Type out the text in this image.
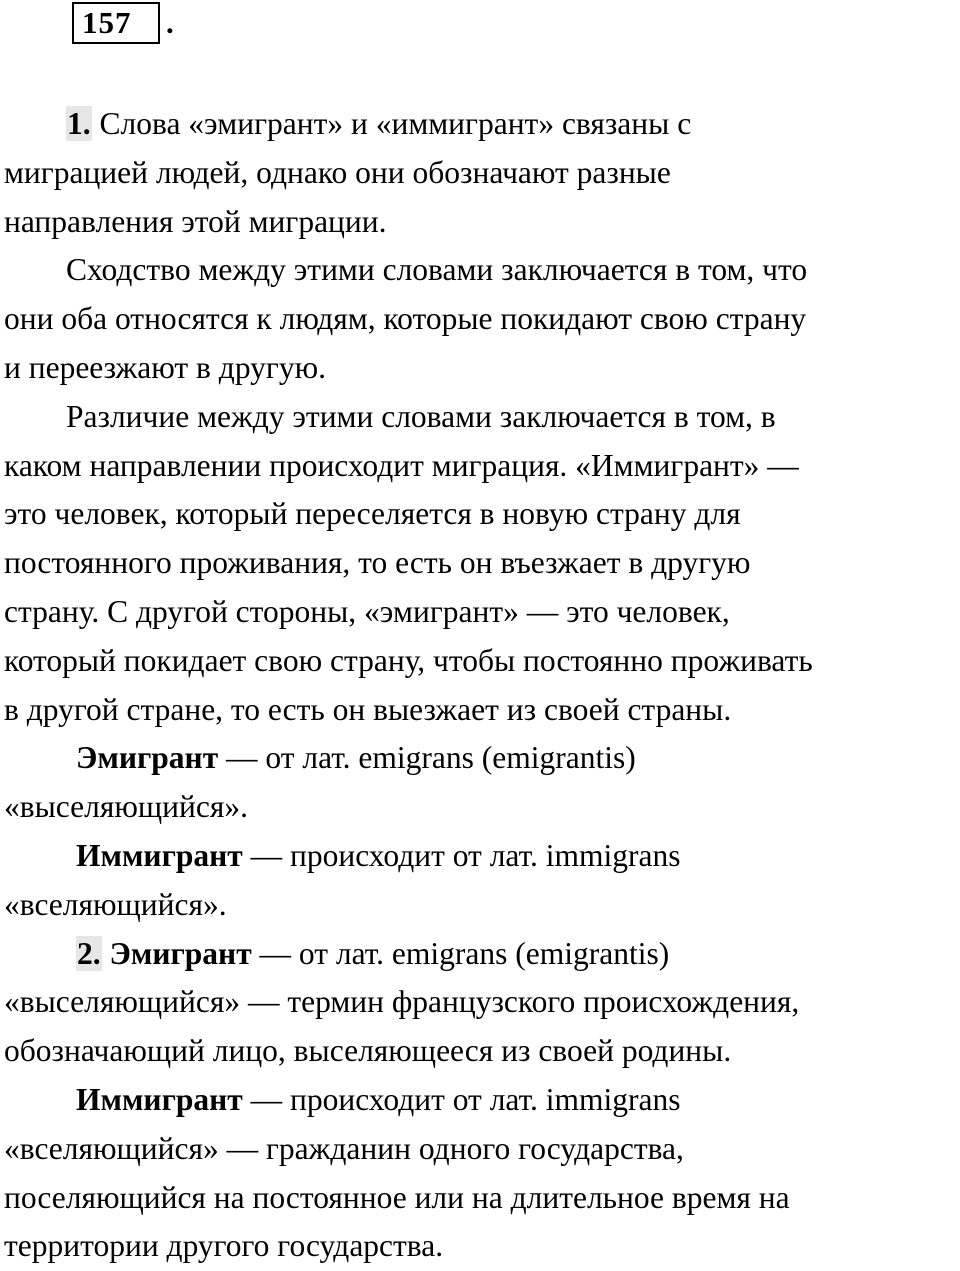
157 .
1. Слова «эмигрант» и «иммигрант» связаны с
миграцией людей, однако они обозначают разные
направления этой миграции.
Сходство между этими словами заключается в том, что
они оба относятся к людям, которые покидают свою страну
и переезжают в другую.
Различие между этими словами заключается в том, в
каком направлении происходит миграция. «Иммигрант» —
это человек, который переселяется в новую страну для
постоянного проживания, то есть он въезжает в другую
страну. С другой стороны, «эмигрант» — это человек,
который покидает свою страну, чтобы постоянно проживать
в другой стране, то есть он выезжает из своей страны.
Эмигрант — от лат. emigrans (emigrantis)
«выселяющийся».
Иммигрант — происходит от лат. immigrans
«вселяющийся».
2. Эмигрант — от лат. emigrans (emigrantis)
«выселяющийся» — термин французского происхождения,
обозначающий лицо, выселяющееся из своей родины.
Иммигрант — происходит от лат. immigrans
«вселяющийся» — гражданин одного государства,
поселяющийся на постоянное или на длительное время на
территории другого государства.
